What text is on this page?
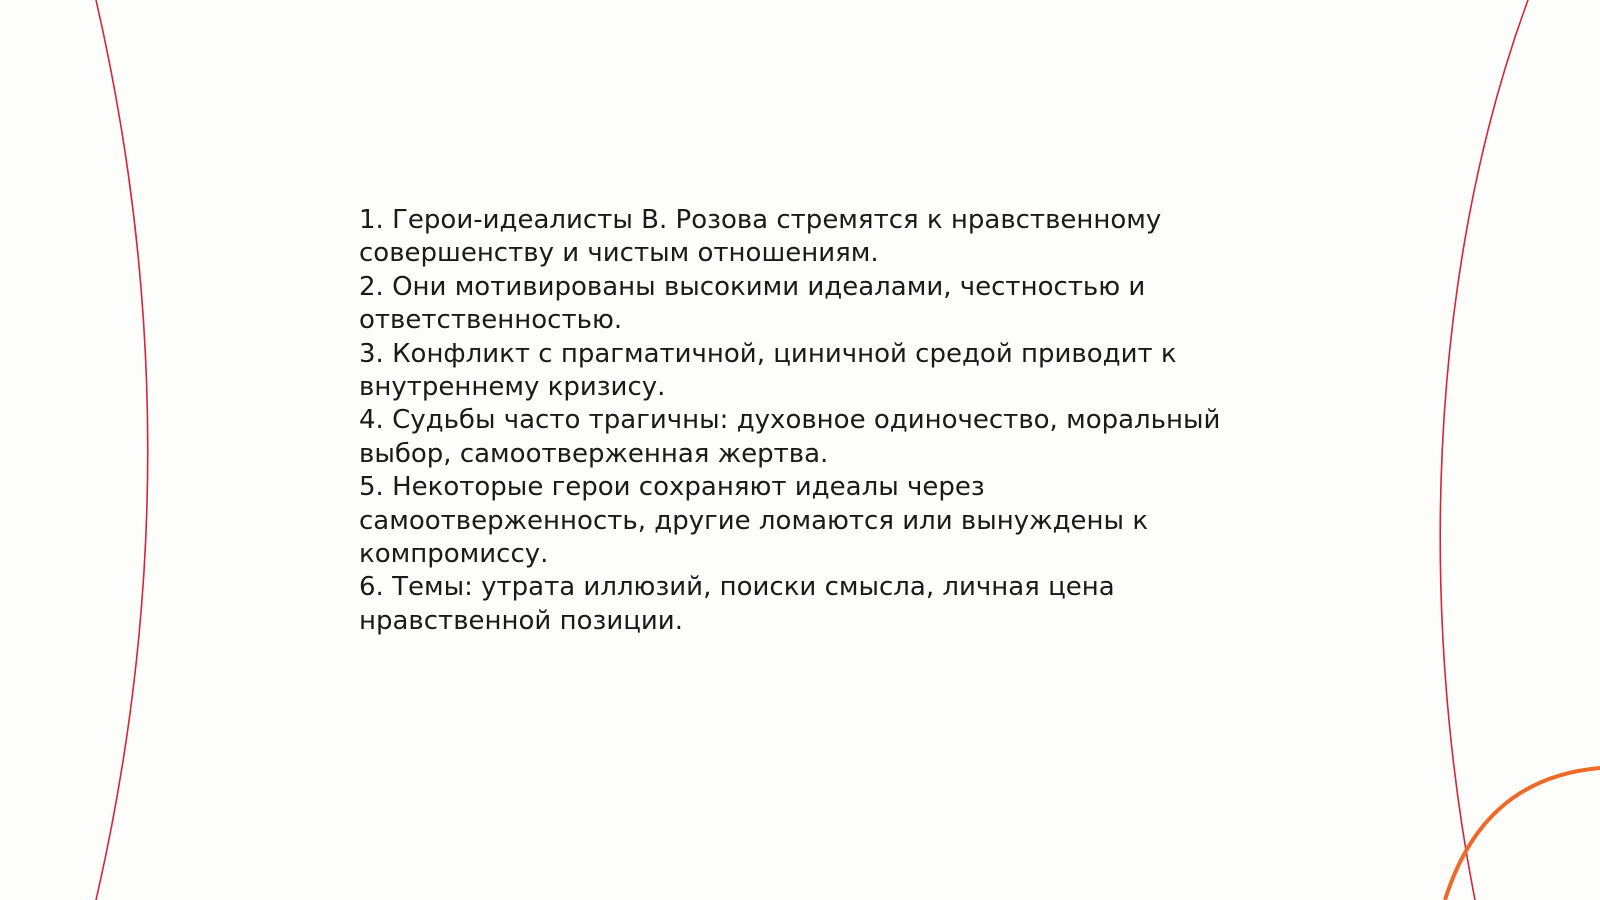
1. Герои-идеалисты В. Розова стремятся к нравственному совершенству и чистым отношениям.

2. Они мотивированы высокими идеалами, честностью и ответственностью.

3. Конфликт с прагматичной, циничной средой приводит к внутреннему кризису.

4. Судьбы часто трагичны: духовное одиночество, моральный выбор, самоотверженная жертва.

5. Некоторые герои сохраняют идеалы через самоотверженность, другие ломаются или вынуждены к компромиссу.

6. Темы: утрата иллюзий, поиски смысла, личная цена нравственной позиции.
